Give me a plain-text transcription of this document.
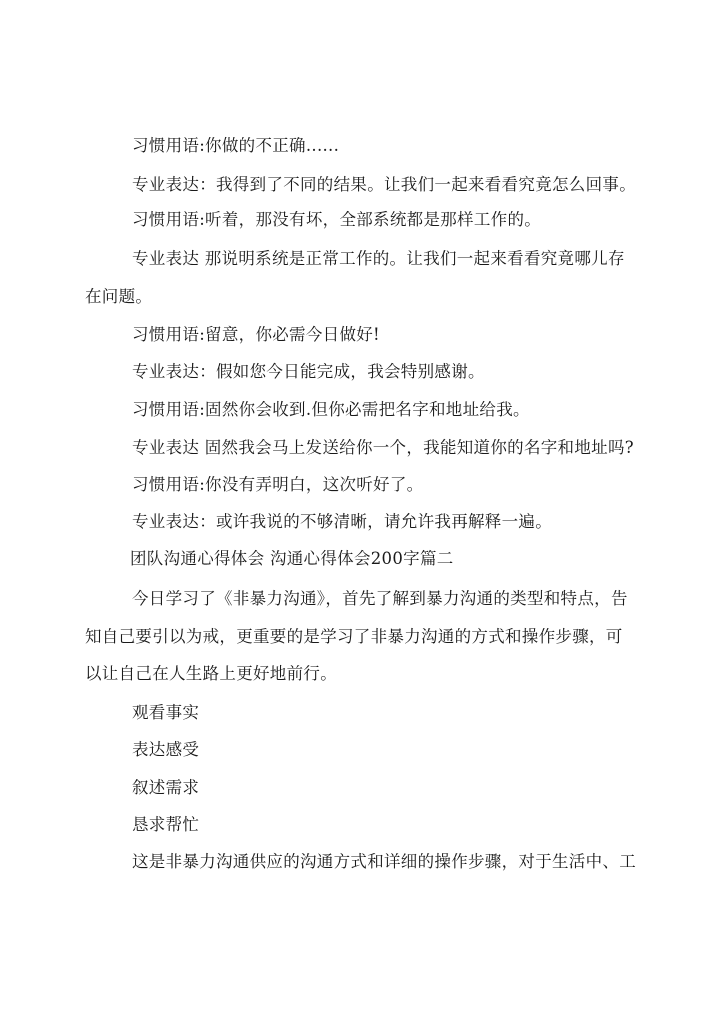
习惯用语:你做的不正确......
专业表达：我得到了不同的结果。让我们一起来看看究竟怎么回事。
习惯用语:听着，那没有坏，全部系统都是那样工作的。
专业表达 那说明系统是正常工作的。让我们一起来看看究竟哪儿存
在问题。
习惯用语:留意，你必需今日做好!
专业表达：假如您今日能完成，我会特别感谢。
习惯用语:固然你会收到.但你必需把名字和地址给我。
专业表达 固然我会马上发送给你一个，我能知道你的名字和地址吗?
习惯用语:你没有弄明白，这次听好了。
专业表达：或许我说的不够清晰，请允许我再解释一遍。
团队沟通心得体会 沟通心得体会200字篇二
今日学习了《非暴力沟通》，首先了解到暴力沟通的类型和特点，告
知自己要引以为戒，更重要的是学习了非暴力沟通的方式和操作步骤，可
以让自己在人生路上更好地前行。
观看事实
表达感受
叙述需求
恳求帮忙
这是非暴力沟通供应的沟通方式和详细的操作步骤，对于生活中、工
